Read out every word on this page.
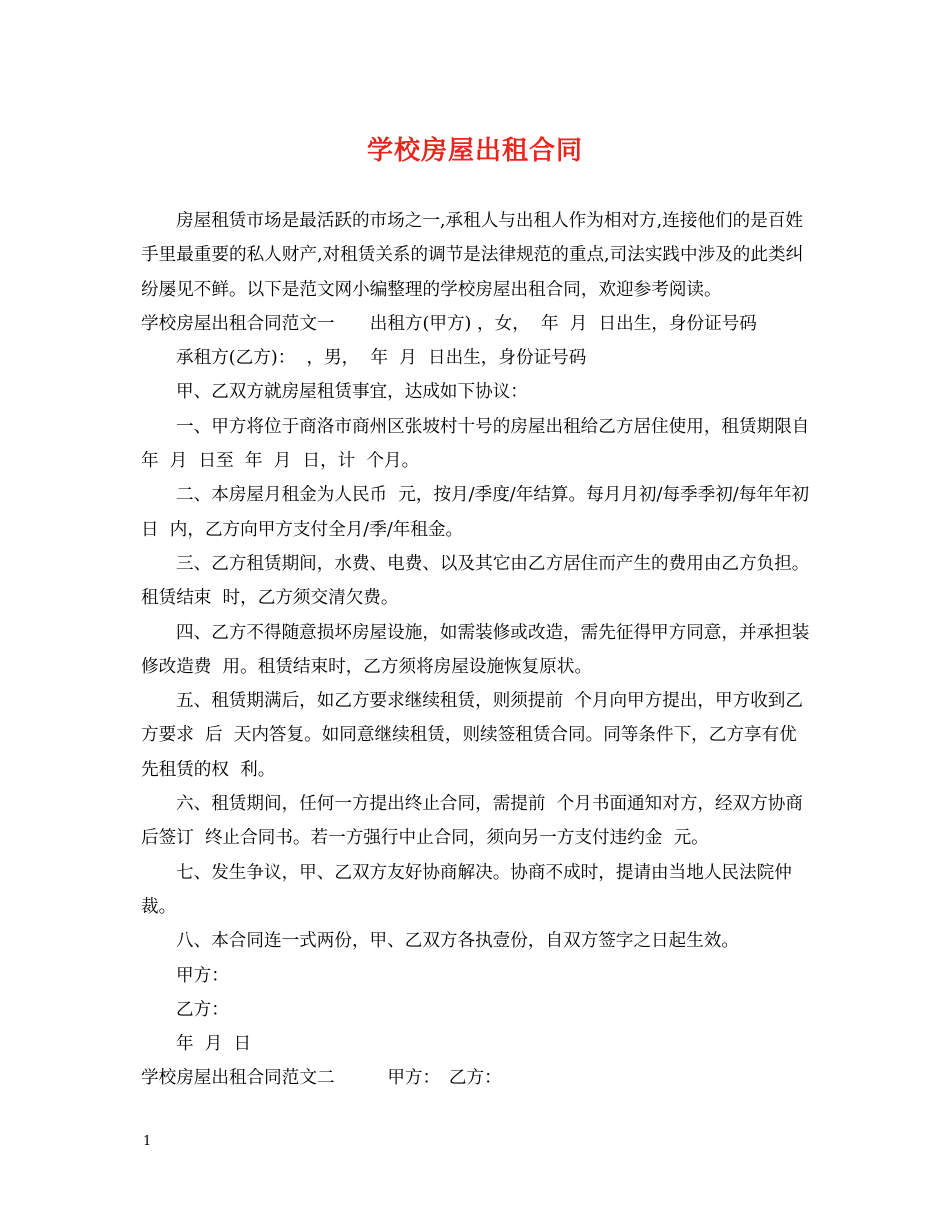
学校房屋出租合同

房屋租赁市场是最活跃的市场之一,承租人与出租人作为相对方,连接他们的是百姓手里最重要的私人财产,对租赁关系的调节是法律规范的重点,司法实践中涉及的此类纠纷屡见不鲜。以下是范文网小编整理的学校房屋出租合同，欢迎参考阅读。

学校房屋出租合同范文一　　出租方(甲方) ，女，  年  月  日出生，身份证号码

承租方(乙方)：  ，男，  年  月  日出生，身份证号码

甲、乙双方就房屋租赁事宜，达成如下协议：

一、甲方将位于商洛市商州区张坡村十号的房屋出租给乙方居住使用，租赁期限自  年  月  日至  年  月  日，计  个月。

二、本房屋月租金为人民币  元，按月/季度/年结算。每月月初/每季季初/每年年初  日  内，乙方向甲方支付全月/季/年租金。

三、乙方租赁期间，水费、电费、以及其它由乙方居住而产生的费用由乙方负担。租赁结束  时，乙方须交清欠费。

四、乙方不得随意损坏房屋设施，如需装修或改造，需先征得甲方同意，并承担装修改造费  用。租赁结束时，乙方须将房屋设施恢复原状。

五、租赁期满后，如乙方要求继续租赁，则须提前  个月向甲方提出，甲方收到乙方要求  后  天内答复。如同意继续租赁，则续签租赁合同。同等条件下，乙方享有优先租赁的权  利。

六、租赁期间，任何一方提出终止合同，需提前  个月书面通知对方，经双方协商后签订  终止合同书。若一方强行中止合同，须向另一方支付违约金  元。

七、发生争议，甲、乙双方友好协商解决。协商不成时，提请由当地人民法院仲裁。

八、本合同连一式两份，甲、乙双方各执壹份，自双方签字之日起生效。

甲方：

乙方：

年  月  日

学校房屋出租合同范文二　　　甲方：　乙方：

1
